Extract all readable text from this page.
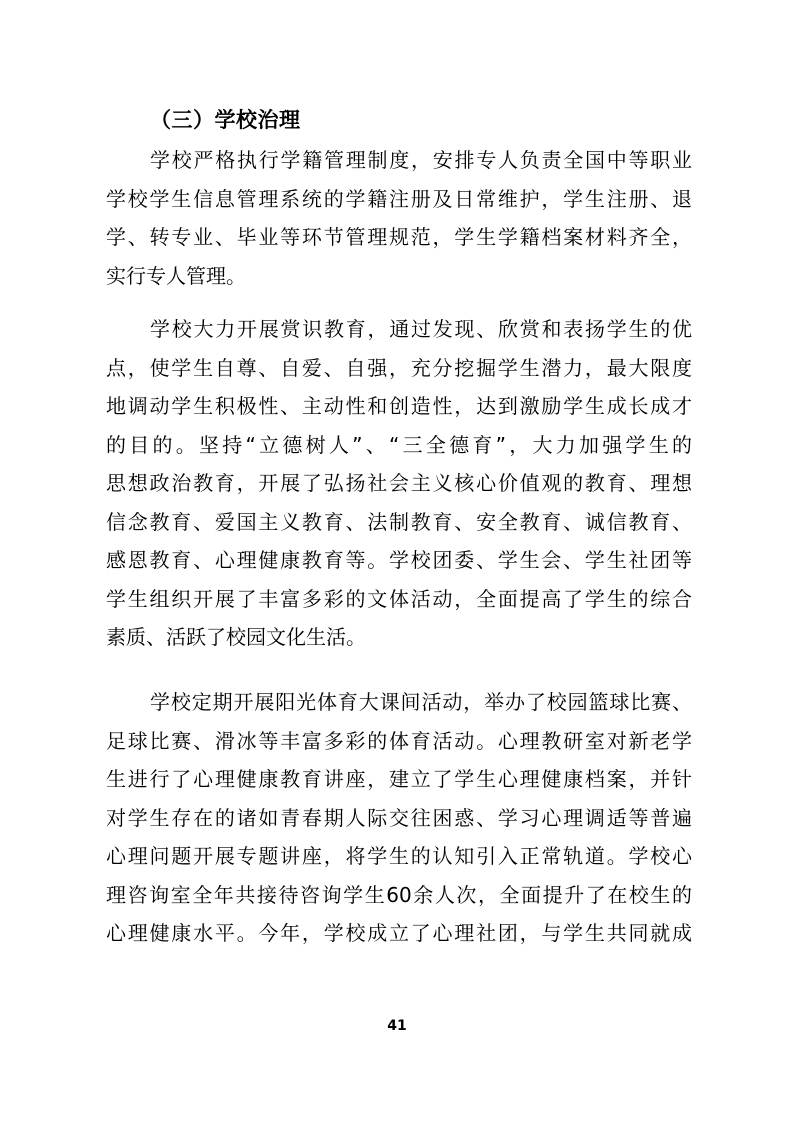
（三）学校治理
学校严格执行学籍管理制度，安排专人负责全国中等职业
学校学生信息管理系统的学籍注册及日常维护，学生注册、退
学、转专业、毕业等环节管理规范，学生学籍档案材料齐全，
实行专人管理。
学校大力开展赏识教育，通过发现、欣赏和表扬学生的优
点，使学生自尊、自爱、自强，充分挖掘学生潜力，最大限度
地调动学生积极性、主动性和创造性，达到激励学生成长成才
的目的。坚持“立德树人”、“三全德育”，大力加强学生的
思想政治教育，开展了弘扬社会主义核心价值观的教育、理想
信念教育、爱国主义教育、法制教育、安全教育、诚信教育、
感恩教育、心理健康教育等。学校团委、学生会、学生社团等
学生组织开展了丰富多彩的文体活动，全面提高了学生的综合
素质、活跃了校园文化生活。
学校定期开展阳光体育大课间活动，举办了校园篮球比赛、
足球比赛、滑冰等丰富多彩的体育活动。心理教研室对新老学
生进行了心理健康教育讲座，建立了学生心理健康档案，并针
对学生存在的诸如青春期人际交往困惑、学习心理调适等普遍
心理问题开展专题讲座，将学生的认知引入正常轨道。学校心
理咨询室全年共接待咨询学生60余人次，全面提升了在校生的
心理健康水平。今年，学校成立了心理社团，与学生共同就成

41
